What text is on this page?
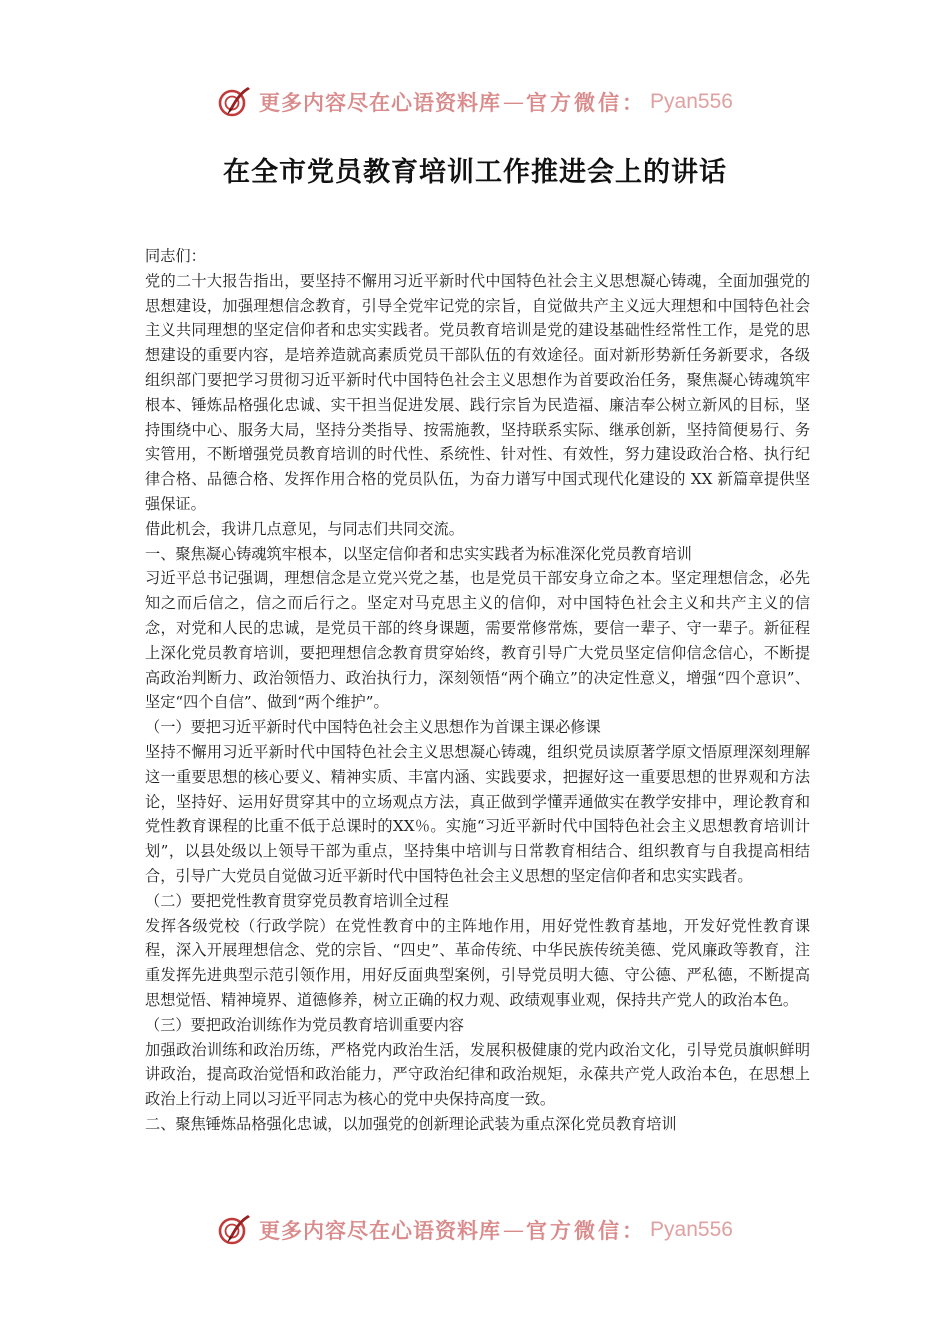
更多内容尽在心语资料库 — 官方微信： Pyan556
在全市党员教育培训工作推进会上的讲话

同志们：

党的二十大报告指出，要坚持不懈用习近平新时代中国特色社会主义思想凝心铸魂，全面加强党的思想建设，加强理想信念教育，引导全党牢记党的宗旨，自觉做共产主义远大理想和中国特色社会主义共同理想的坚定信仰者和忠实实践者。党员教育培训是党的建设基础性经常性工作，是党的思想建设的重要内容，是培养造就高素质党员干部队伍的有效途径。面对新形势新任务新要求，各级组织部门要把学习贯彻习近平新时代中国特色社会主义思想作为首要政治任务，聚焦凝心铸魂筑牢根本、锤炼品格强化忠诚、实干担当促进发展、践行宗旨为民造福、廉洁奉公树立新风的目标，坚持围绕中心、服务大局，坚持分类指导、按需施教，坚持联系实际、继承创新，坚持简便易行、务实管用，不断增强党员教育培训的时代性、系统性、针对性、有效性，努力建设政治合格、执行纪律合格、品德合格、发挥作用合格的党员队伍，为奋力谱写中国式现代化建设的 XX 新篇章提供坚强保证。

借此机会，我讲几点意见，与同志们共同交流。

一、聚焦凝心铸魂筑牢根本，以坚定信仰者和忠实实践者为标准深化党员教育培训

习近平总书记强调，理想信念是立党兴党之基，也是党员干部安身立命之本。坚定理想信念，必先知之而后信之，信之而后行之。坚定对马克思主义的信仰，对中国特色社会主义和共产主义的信念，对党和人民的忠诚，是党员干部的终身课题，需要常修常炼，要信一辈子、守一辈子。新征程上深化党员教育培训，要把理想信念教育贯穿始终，教育引导广大党员坚定信仰信念信心，不断提高政治判断力、政治领悟力、政治执行力，深刻领悟“两个确立”的决定性意义，增强“四个意识”、坚定“四个自信”、做到“两个维护”。

（一）要把习近平新时代中国特色社会主义思想作为首课主课必修课

坚持不懈用习近平新时代中国特色社会主义思想凝心铸魂，组织党员读原著学原文悟原理深刻理解这一重要思想的核心要义、精神实质、丰富内涵、实践要求，把握好这一重要思想的世界观和方法论，坚持好、运用好贯穿其中的立场观点方法，真正做到学懂弄通做实在教学安排中，理论教育和党性教育课程的比重不低于总课时的XX％。实施“习近平新时代中国特色社会主义思想教育培训计划”，以县处级以上领导干部为重点，坚持集中培训与日常教育相结合、组织教育与自我提高相结合，引导广大党员自觉做习近平新时代中国特色社会主义思想的坚定信仰者和忠实实践者。

（二）要把党性教育贯穿党员教育培训全过程

发挥各级党校（行政学院）在党性教育中的主阵地作用，用好党性教育基地，开发好党性教育课程，深入开展理想信念、党的宗旨、“四史”、革命传统、中华民族传统美德、党风廉政等教育，注重发挥先进典型示范引领作用，用好反面典型案例，引导党员明大德、守公德、严私德，不断提高思想觉悟、精神境界、道德修养，树立正确的权力观、政绩观事业观，保持共产党人的政治本色。

（三）要把政治训练作为党员教育培训重要内容

加强政治训练和政治历练，严格党内政治生活，发展积极健康的党内政治文化，引导党员旗帜鲜明讲政治，提高政治觉悟和政治能力，严守政治纪律和政治规矩，永葆共产党人政治本色，在思想上政治上行动上同以习近平同志为核心的党中央保持高度一致。

二、聚焦锤炼品格强化忠诚，以加强党的创新理论武装为重点深化党员教育培训

更多内容尽在心语资料库 — 官方微信： Pyan556
